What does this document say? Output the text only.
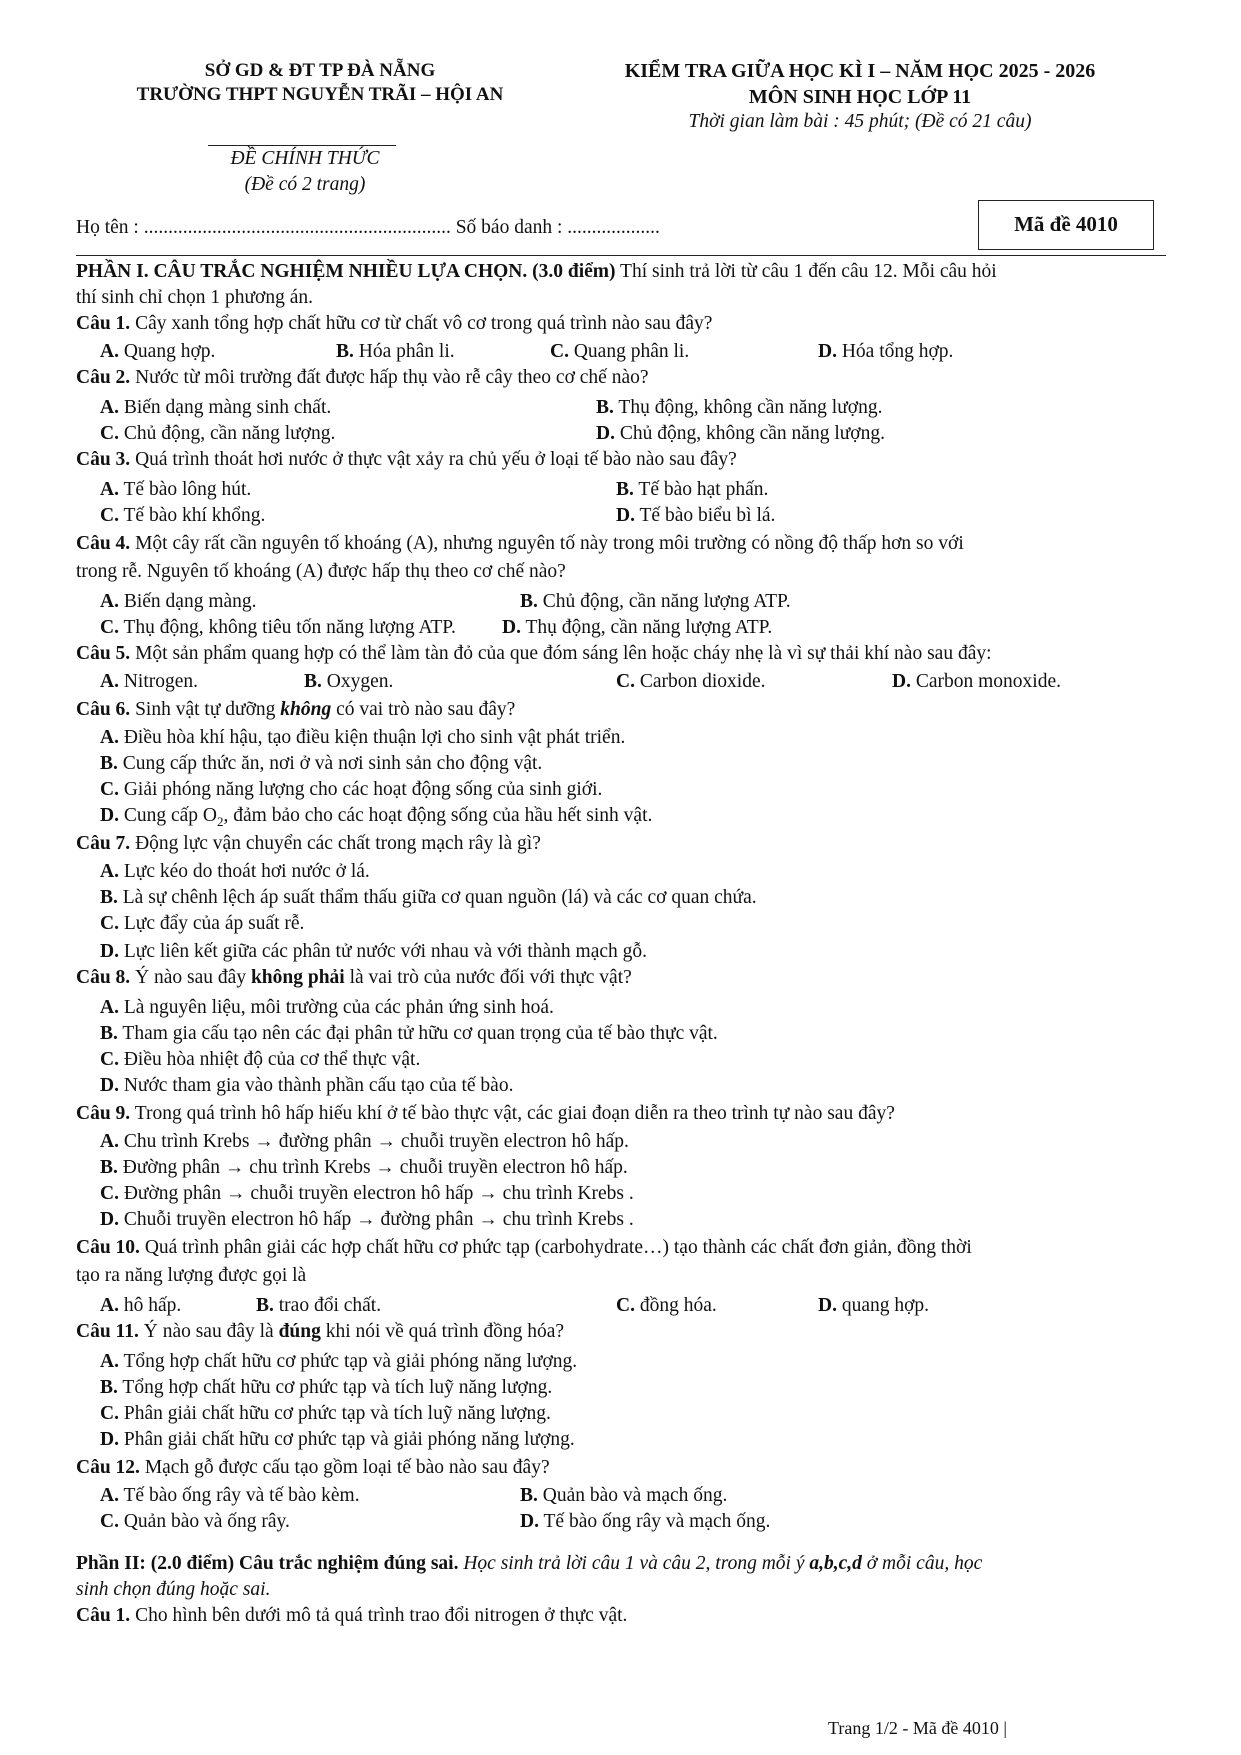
SỞ GD & ĐT TP ĐÀ NẴNG
TRƯỜNG THPT NGUYỄN TRÃI – HỘI AN
ĐỀ CHÍNH THỨC
(Đề có 2 trang)
KIỂM TRA GIỮA HỌC KÌ I – NĂM HỌC 2025 - 2026
MÔN SINH HỌC LỚP 11
Thời gian làm bài : 45 phút; (Đề có 21 câu)
Họ tên : ............................................................... Số báo danh : ...................	Mã đề 4010
PHẦN I. CÂU TRẮC NGHIỆM NHIỀU LỰA CHỌN. (3.0 điểm) Thí sinh trả lời từ câu 1 đến câu 12. Mỗi câu hỏi
thí sinh chỉ chọn 1 phương án.
Câu 1. Cây xanh tổng hợp chất hữu cơ từ chất vô cơ trong quá trình nào sau đây?
A. Quang hợp.	B. Hóa phân li.	C. Quang phân li.	D. Hóa tổng hợp.
Câu 2. Nước từ môi trường đất được hấp thụ vào rễ cây theo cơ chế nào?
A. Biến dạng màng sinh chất.	B. Thụ động, không cần năng lượng.
C. Chủ động, cần năng lượng.	D. Chủ động, không cần năng lượng.
Câu 3. Quá trình thoát hơi nước ở thực vật xảy ra chủ yếu ở loại tế bào nào sau đây?
A. Tế bào lông hút.	B. Tế bào hạt phấn.
C. Tế bào khí khổng.	D. Tế bào biểu bì lá.
Câu 4. Một cây rất cần nguyên tố khoáng (A), nhưng nguyên tố này trong môi trường có nồng độ thấp hơn so với
trong rễ. Nguyên tố khoáng (A) được hấp thụ theo cơ chế nào?
A. Biến dạng màng.	B. Chủ động, cần năng lượng ATP.
C. Thụ động, không tiêu tốn năng lượng ATP. D. Thụ động, cần năng lượng ATP.
Câu 5. Một sản phẩm quang hợp có thể làm tàn đỏ của que đóm sáng lên hoặc cháy nhẹ là vì sự thải khí nào sau đây:
A. Nitrogen.	B. Oxygen.	C. Carbon dioxide.	D. Carbon monoxide.
Câu 6. Sinh vật tự dưỡng không có vai trò nào sau đây?
A. Điều hòa khí hậu, tạo điều kiện thuận lợi cho sinh vật phát triển.
B. Cung cấp thức ăn, nơi ở và nơi sinh sản cho động vật.
C. Giải phóng năng lượng cho các hoạt động sống của sinh giới.
D. Cung cấp $O_2$, đảm bảo cho các hoạt động sống của hầu hết sinh vật.
Câu 7. Động lực vận chuyển các chất trong mạch rây là gì?
A. Lực kéo do thoát hơi nước ở lá.
B. Là sự chênh lệch áp suất thẩm thấu giữa cơ quan nguồn (lá) và các cơ quan chứa.
C. Lực đẩy của áp suất rễ.
D. Lực liên kết giữa các phân tử nước với nhau và với thành mạch gỗ.
Câu 8. Ý nào sau đây không phải là vai trò của nước đối với thực vật?
A. Là nguyên liệu, môi trường của các phản ứng sinh hoá.
B. Tham gia cấu tạo nên các đại phân tử hữu cơ quan trọng của tế bào thực vật.
C. Điều hòa nhiệt độ của cơ thể thực vật.
D. Nước tham gia vào thành phần cấu tạo của tế bào.
Câu 9. Trong quá trình hô hấp hiếu khí ở tế bào thực vật, các giai đoạn diễn ra theo trình tự nào sau đây?
A. Chu trình Krebs → đường phân → chuỗi truyền electron hô hấp.
B. Đường phân → chu trình Krebs → chuỗi truyền electron hô hấp.
C. Đường phân → chuỗi truyền electron hô hấp → chu trình Krebs .
D. Chuỗi truyền electron hô hấp → đường phân → chu trình Krebs .
Câu 10. Quá trình phân giải các hợp chất hữu cơ phức tạp (carbohydrate…) tạo thành các chất đơn giản, đồng thời
tạo ra năng lượng được gọi là
A. hô hấp.	B. trao đổi chất.	C. đồng hóa.	D. quang hợp.
Câu 11. Ý nào sau đây là đúng khi nói về quá trình đồng hóa?
A. Tổng hợp chất hữu cơ phức tạp và giải phóng năng lượng.
B. Tổng hợp chất hữu cơ phức tạp và tích luỹ năng lượng.
C. Phân giải chất hữu cơ phức tạp và tích luỹ năng lượng.
D. Phân giải chất hữu cơ phức tạp và giải phóng năng lượng.
Câu 12. Mạch gỗ được cấu tạo gồm loại tế bào nào sau đây?
A. Tế bào ống rây và tế bào kèm.	B. Quản bào và mạch ống.
C. Quản bào và ống rây.	D. Tế bào ống rây và mạch ống.
Phần II: (2.0 điểm) Câu trắc nghiệm đúng sai. Học sinh trả lời câu 1 và câu 2, trong mỗi ý a,b,c,d ở mỗi câu, học
sinh chọn đúng hoặc sai.
Câu 1. Cho hình bên dưới mô tả quá trình trao đổi nitrogen ở thực vật.
Trang 1/2 - Mã đề 4010 |
